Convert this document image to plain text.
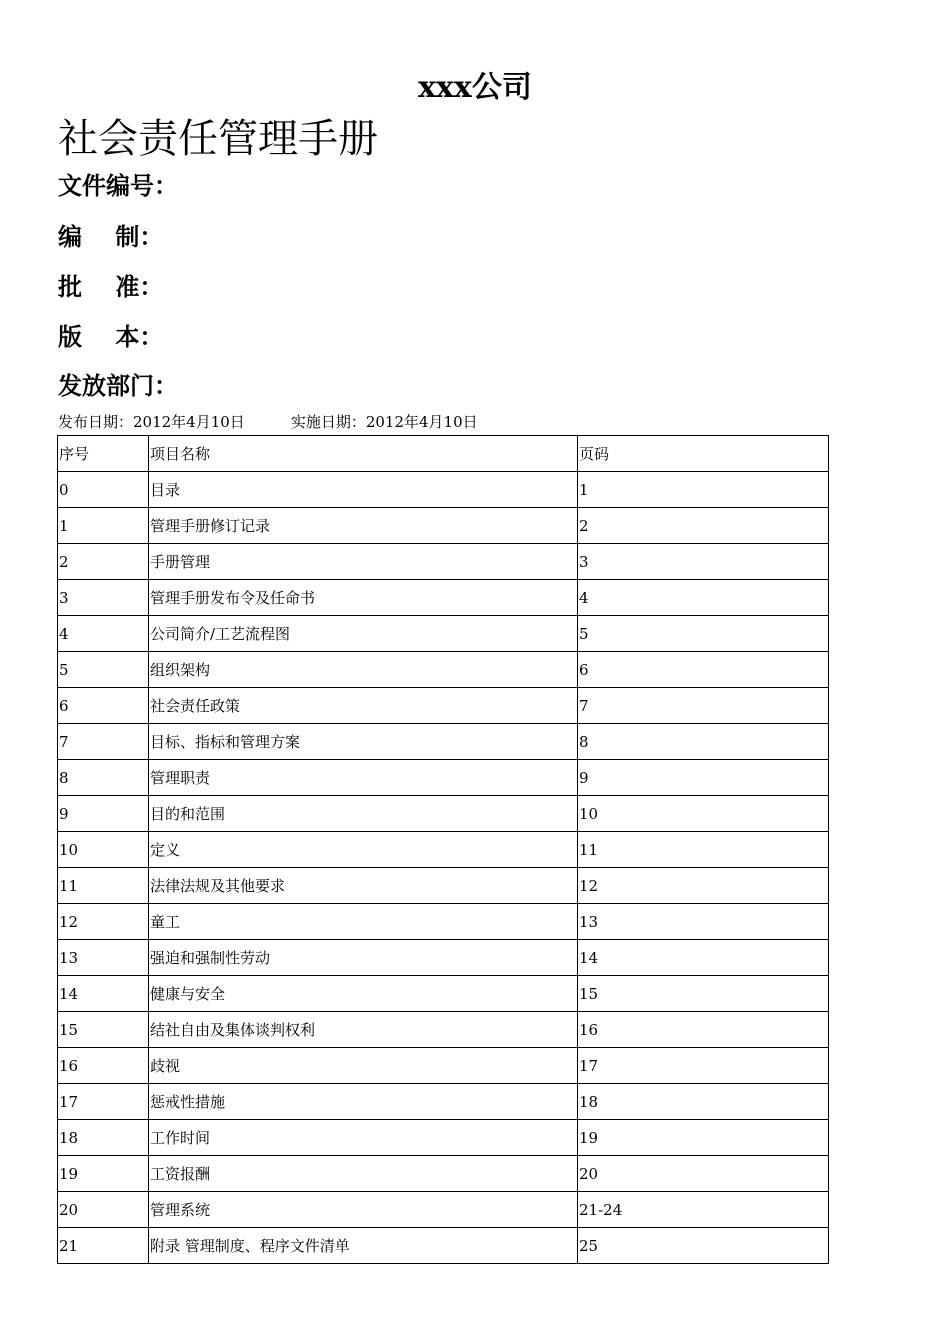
xxx公司
社会责任管理手册
文件编号：
编    制：
批    准：
版    本：
发放部门：
发布日期：2012年4月10日	实施日期：2012年4月10日
序号	项目名称	页码
0	目录	1
1	管理手册修订记录	2
2	手册管理	3
3	管理手册发布令及任命书	4
4	公司简介/工艺流程图	5
5	组织架构	6
6	社会责任政策	7
7	目标、指标和管理方案	8
8	管理职责	9
9	目的和范围	10
10	定义	11
11	法律法规及其他要求	12
12	童工	13
13	强迫和强制性劳动	14
14	健康与安全	15
15	结社自由及集体谈判权利	16
16	歧视	17
17	惩戒性措施	18
18	工作时间	19
19	工资报酬	20
20	管理系统	21-24
21	附录 管理制度、程序文件清单	25
